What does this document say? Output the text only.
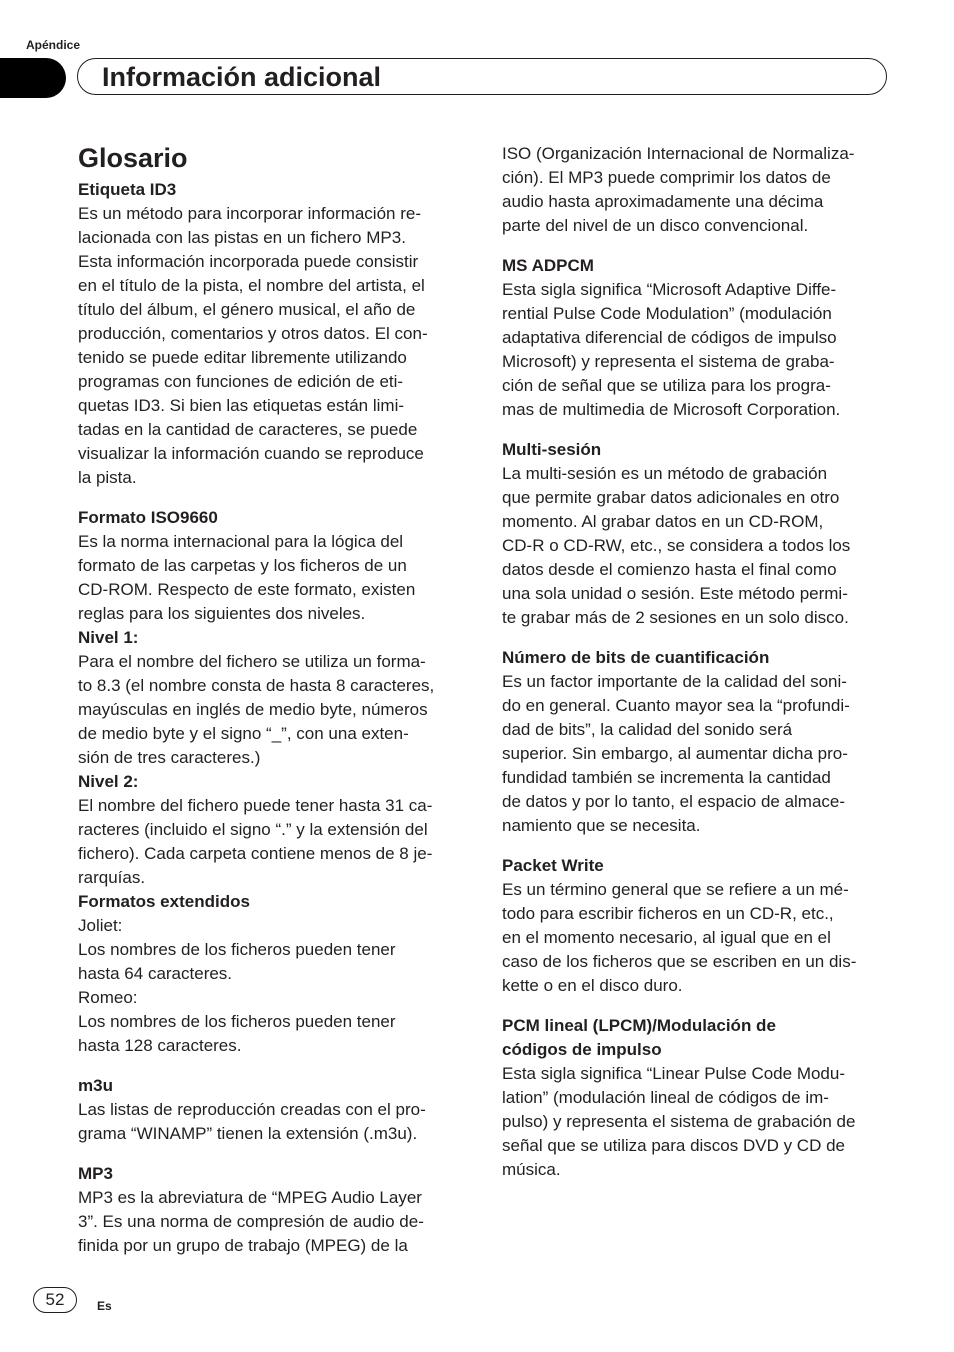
Apéndice
Información adicional
Glosario
Etiqueta ID3
Es un método para incorporar información re-
lacionada con las pistas en un fichero MP3.
Esta información incorporada puede consistir
en el título de la pista, el nombre del artista, el
título del álbum, el género musical, el año de
producción, comentarios y otros datos. El con-
tenido se puede editar libremente utilizando
programas con funciones de edición de eti-
quetas ID3. Si bien las etiquetas están limi-
tadas en la cantidad de caracteres, se puede
visualizar la información cuando se reproduce
la pista.
Formato ISO9660
Es la norma internacional para la lógica del
formato de las carpetas y los ficheros de un
CD-ROM. Respecto de este formato, existen
reglas para los siguientes dos niveles.
Nivel 1:
Para el nombre del fichero se utiliza un forma-
to 8.3 (el nombre consta de hasta 8 caracteres,
mayúsculas en inglés de medio byte, números
de medio byte y el signo “_”, con una exten-
sión de tres caracteres.)
Nivel 2:
El nombre del fichero puede tener hasta 31 ca-
racteres (incluido el signo “.” y la extensión del
fichero). Cada carpeta contiene menos de 8 je-
rarquías.
Formatos extendidos
Joliet:
Los nombres de los ficheros pueden tener
hasta 64 caracteres.
Romeo:
Los nombres de los ficheros pueden tener
hasta 128 caracteres.
m3u
Las listas de reproducción creadas con el pro-
grama “WINAMP” tienen la extensión (.m3u).
MP3
MP3 es la abreviatura de “MPEG Audio Layer
3”. Es una norma de compresión de audio de-
finida por un grupo de trabajo (MPEG) de la
ISO (Organización Internacional de Normaliza-
ción). El MP3 puede comprimir los datos de
audio hasta aproximadamente una décima
parte del nivel de un disco convencional.
MS ADPCM
Esta sigla significa “Microsoft Adaptive Diffe-
rential Pulse Code Modulation” (modulación
adaptativa diferencial de códigos de impulso
Microsoft) y representa el sistema de graba-
ción de señal que se utiliza para los progra-
mas de multimedia de Microsoft Corporation.
Multi-sesión
La multi-sesión es un método de grabación
que permite grabar datos adicionales en otro
momento. Al grabar datos en un CD-ROM,
CD-R o CD-RW, etc., se considera a todos los
datos desde el comienzo hasta el final como
una sola unidad o sesión. Este método permi-
te grabar más de 2 sesiones en un solo disco.
Número de bits de cuantificación
Es un factor importante de la calidad del soni-
do en general. Cuanto mayor sea la “profundi-
dad de bits”, la calidad del sonido será
superior. Sin embargo, al aumentar dicha pro-
fundidad también se incrementa la cantidad
de datos y por lo tanto, el espacio de almace-
namiento que se necesita.
Packet Write
Es un término general que se refiere a un mé-
todo para escribir ficheros en un CD-R, etc.,
en el momento necesario, al igual que en el
caso de los ficheros que se escriben en un dis-
kette o en el disco duro.
PCM lineal (LPCM)/Modulación de
códigos de impulso
Esta sigla significa “Linear Pulse Code Modu-
lation” (modulación lineal de códigos de im-
pulso) y representa el sistema de grabación de
señal que se utiliza para discos DVD y CD de
música.
52	Es
